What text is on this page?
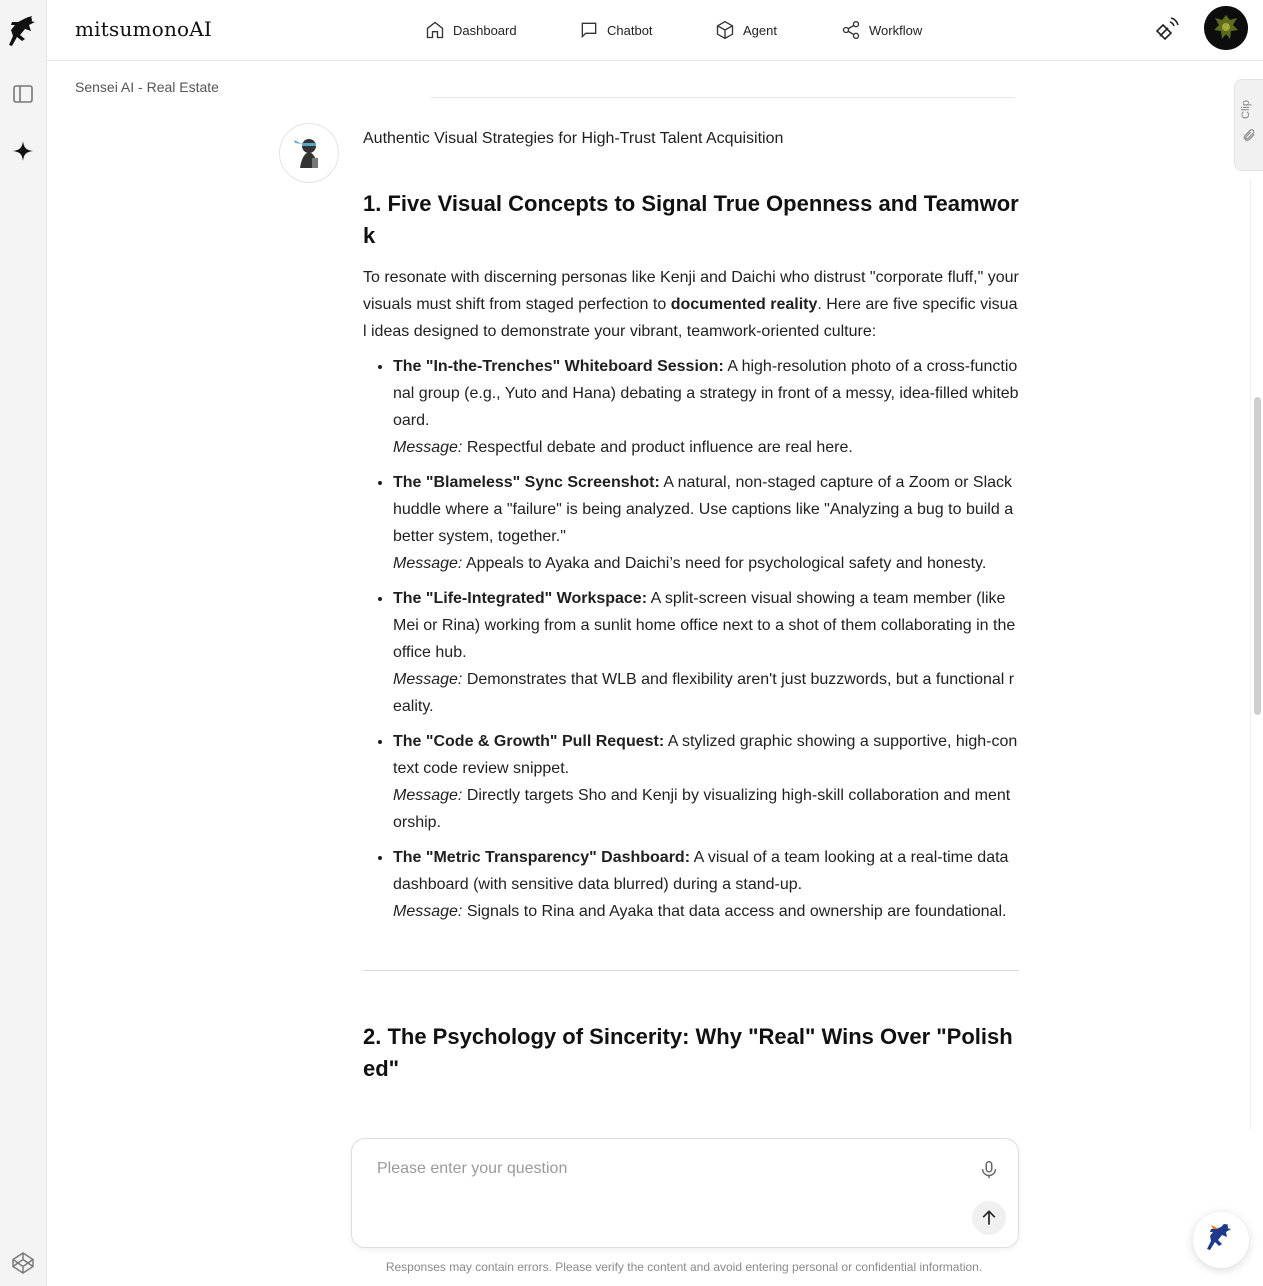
mitsumonoAI	Dashboard	Chatbot	Agent	Workflow
Sensei AI - Real Estate
Clip
Authentic Visual Strategies for High-Trust Talent Acquisition
1. Five Visual Concepts to Signal True Openness and Teamwork

To resonate with discerning personas like Kenji and Daichi who distrust "corporate fluff," your visuals must shift from staged perfection to documented reality. Here are five specific visual ideas designed to demonstrate your vibrant, teamwork-oriented culture:

• The "In-the-Trenches" Whiteboard Session: A high-resolution photo of a cross-functional group (e.g., Yuto and Hana) debating a strategy in front of a messy, idea-filled whiteboard.
Message: Respectful debate and product influence are real here.
• The "Blameless" Sync Screenshot: A natural, non-staged capture of a Zoom or Slack huddle where a "failure" is being analyzed. Use captions like "Analyzing a bug to build a better system, together."
Message: Appeals to Ayaka and Daichi’s need for psychological safety and honesty.
• The "Life-Integrated" Workspace: A split-screen visual showing a team member (like Mei or Rina) working from a sunlit home office next to a shot of them collaborating in the office hub.
Message: Demonstrates that WLB and flexibility aren't just buzzwords, but a functional reality.
• The "Code & Growth" Pull Request: A stylized graphic showing a supportive, high-context code review snippet.
Message: Directly targets Sho and Kenji by visualizing high-skill collaboration and mentorship.
• The "Metric Transparency" Dashboard: A visual of a team looking at a real-time data dashboard (with sensitive data blurred) during a stand-up.
Message: Signals to Rina and Ayaka that data access and ownership are foundational.
2. The Psychology of Sincerity: Why "Real" Wins Over "Polished"
Please enter your question
Responses may contain errors. Please verify the content and avoid entering personal or confidential information.
